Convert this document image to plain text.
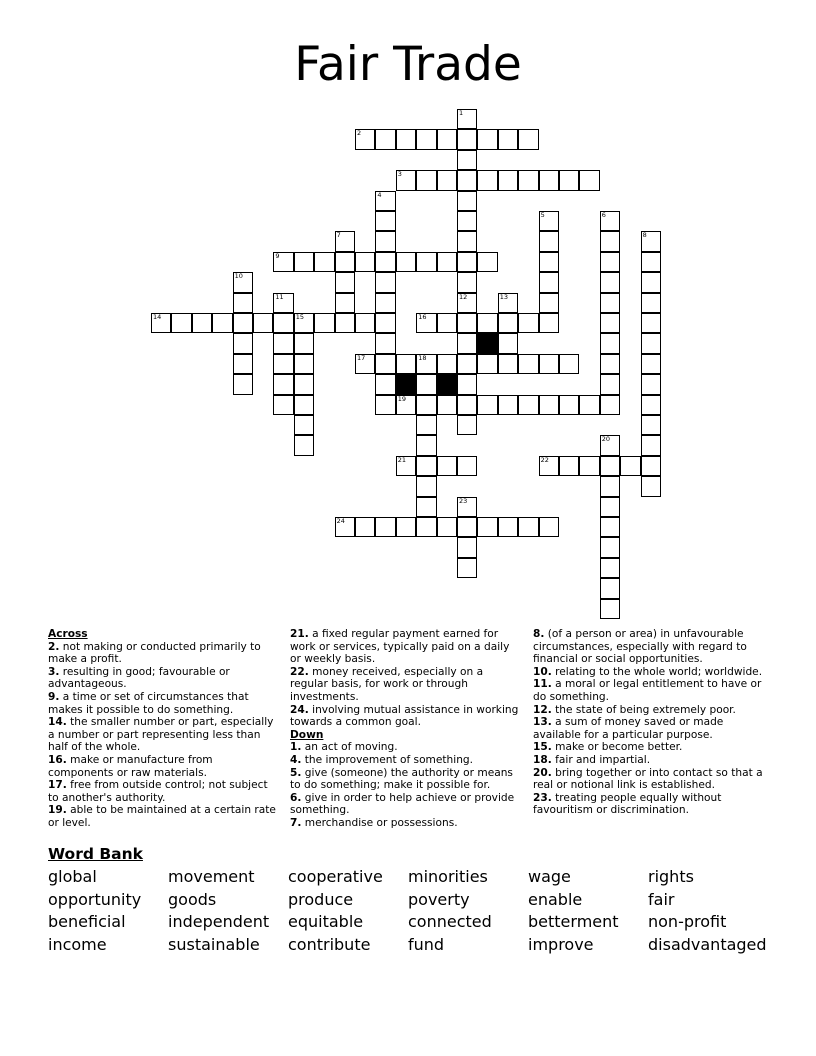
Fair Trade
1
12
2
3
4
5	6
7	8
9
10
11	13
14	15	16
17	18
19
20
21	22
23
24

Across

2. not making or conducted primarily to make a profit.

3. resulting in good; favourable or advantageous.

9. a time or set of circumstances that makes it possible to do something.

14. the smaller number or part, especially a number or part representing less than half of the whole.

16. make or manufacture from components or raw materials.

17. free from outside control; not subject to another's authority.

19. able to be maintained at a certain rate or level.

21. a fixed regular payment earned for work or services, typically paid on a daily or weekly basis.

22. money received, especially on a regular basis, for work or through investments.

24. involving mutual assistance in working towards a common goal.

Down

1. an act of moving.

4. the improvement of something.

5. give (someone) the authority or means to do something; make it possible for.

6. give in order to help achieve or provide something.

7. merchandise or possessions.

8. (of a person or area) in unfavourable circumstances, especially with regard to financial or social opportunities.

10. relating to the whole world; worldwide.

11. a moral or legal entitlement to have or do something.

12. the state of being extremely poor.

13. a sum of money saved or made available for a particular purpose.

15. make or become better.

18. fair and impartial.

20. bring together or into contact so that a real or notional link is established.

23. treating people equally without favouritism or discrimination.

Word Bank
global	movement cooperative minorities	wage	rights
opportunity goods	produce	poverty	enable	fair
beneficial	independent equitable	connected betterment non-profit
income	sustainable contribute fund	improve	disadvantaged
